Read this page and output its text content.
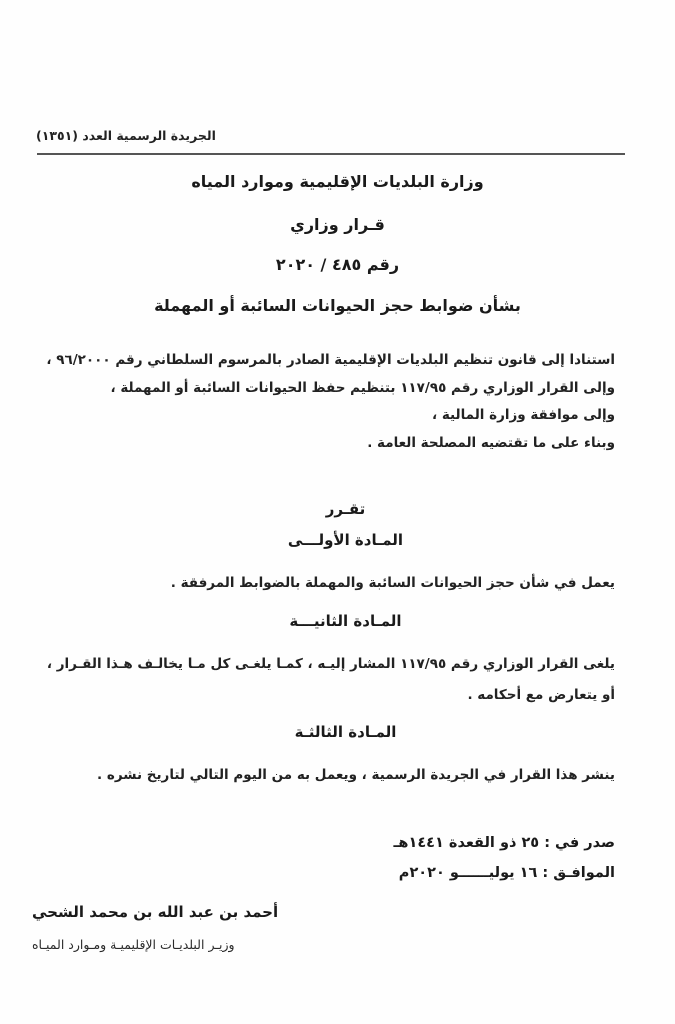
الجريدة الرسمية العدد (١٣٥١)
وزارة البلديات الإقليمية وموارد المياه
قـرار وزاري
رقم ٤٨٥ / ٢٠٢٠
بشأن ضوابط حجز الحيوانات السائبة أو المهملة
استنادا إلى قانون تنظيم البلديات الإقليمية الصادر بالمرسوم السلطاني رقم ٩٦/٢٠٠٠ ،
وإلى القرار الوزاري رقم ١١٧/٩٥ بتنظيم حفظ الحيوانات السائبة أو المهملة ،
وإلى موافقة وزارة المالية ،
وبناء على ما تقتضيه المصلحة العامة .
تقـرر
المـادة الأولـــى
يعمل في شأن حجز الحيوانات السائبة والمهملة بالضوابط المرفقة .
المـادة الثانيـــة
يلغى القرار الوزاري رقم ١١٧/٩٥ المشار إليـه ، كمـا يلغـى كل مـا يخالـف هـذا القـرار ،
أو يتعارض مع أحكامه .
المـادة الثالثـة
ينشر هذا القرار في الجريدة الرسمية ، ويعمل به من اليوم التالي لتاريخ نشره .
صدر في : ٢٥ ذو القعدة ١٤٤١هـ
الموافـق : ١٦ يوليــــــو ٢٠٢٠م
أحمد بن عبد الله بن محمد الشحي
وزيـر البلديـات الإقليميـة ومـوارد الميـاه
